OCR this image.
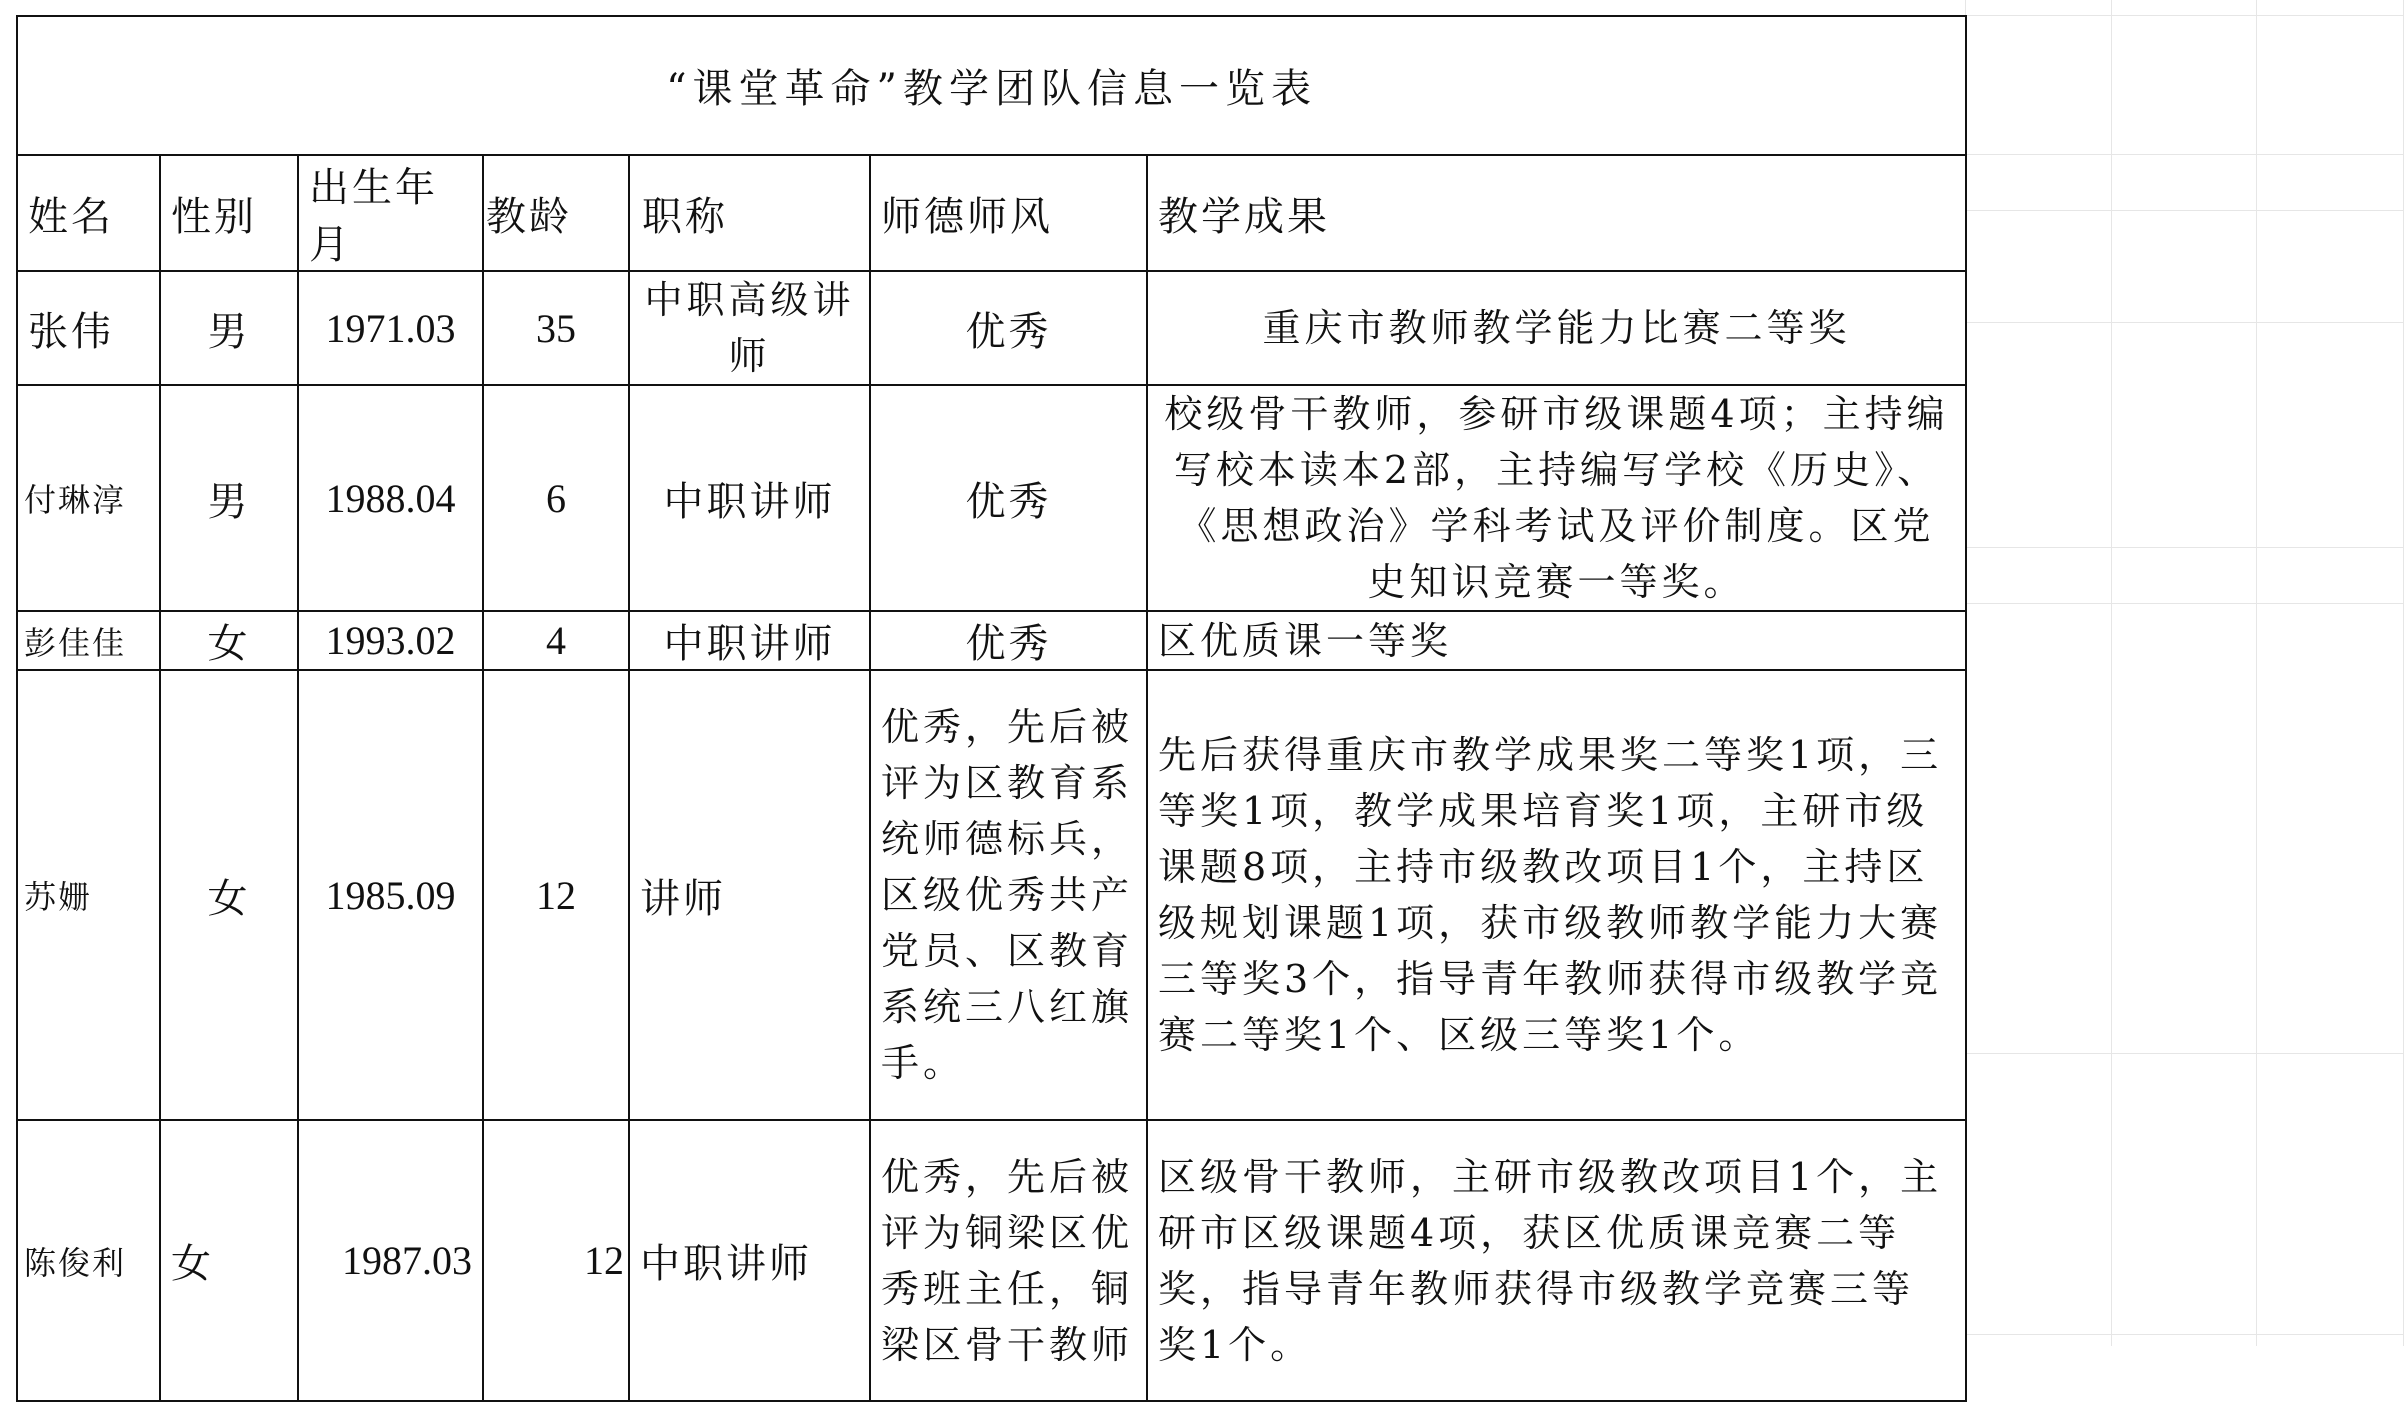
“课堂革命”教学团队信息一览表						
姓名	性别	出生年月	教龄	职称	师德师风	教学成果
张伟	男	1971.03	35	中职高级讲师	优秀	重庆市教师教学能力比赛二等奖
付琳淳	男	1988.04	6	中职讲师	优秀	校级骨干教师，参研市级课题4项；主持编写校本读本2部，主持编写学校《历史》、《思想政治》学科考试及评价制度。区党史知识竞赛一等奖。
彭佳佳	女	1993.02	4	中职讲师	优秀	区优质课一等奖
苏姗	女	1985.09	12	讲师	优秀，先后被评为区教育系统师德标兵，区级优秀共产党员、区教育系统三八红旗手。	先后获得重庆市教学成果奖二等奖1项，三等奖1项，教学成果培育奖1项，主研市级课题8项，主持市级教改项目1个，主持区级规划课题1项，获市级教师教学能力大赛三等奖3个，指导青年教师获得市级教学竞赛二等奖1个、区级三等奖1个。
陈俊利	女	1987.03	12	中职讲师	优秀，先后被评为铜梁区优秀班主任，铜梁区骨干教师	区级骨干教师，主研市级教改项目1个，主研市区级课题4项，获区优质课竞赛二等奖，指导青年教师获得市级教学竞赛三等奖1个。
